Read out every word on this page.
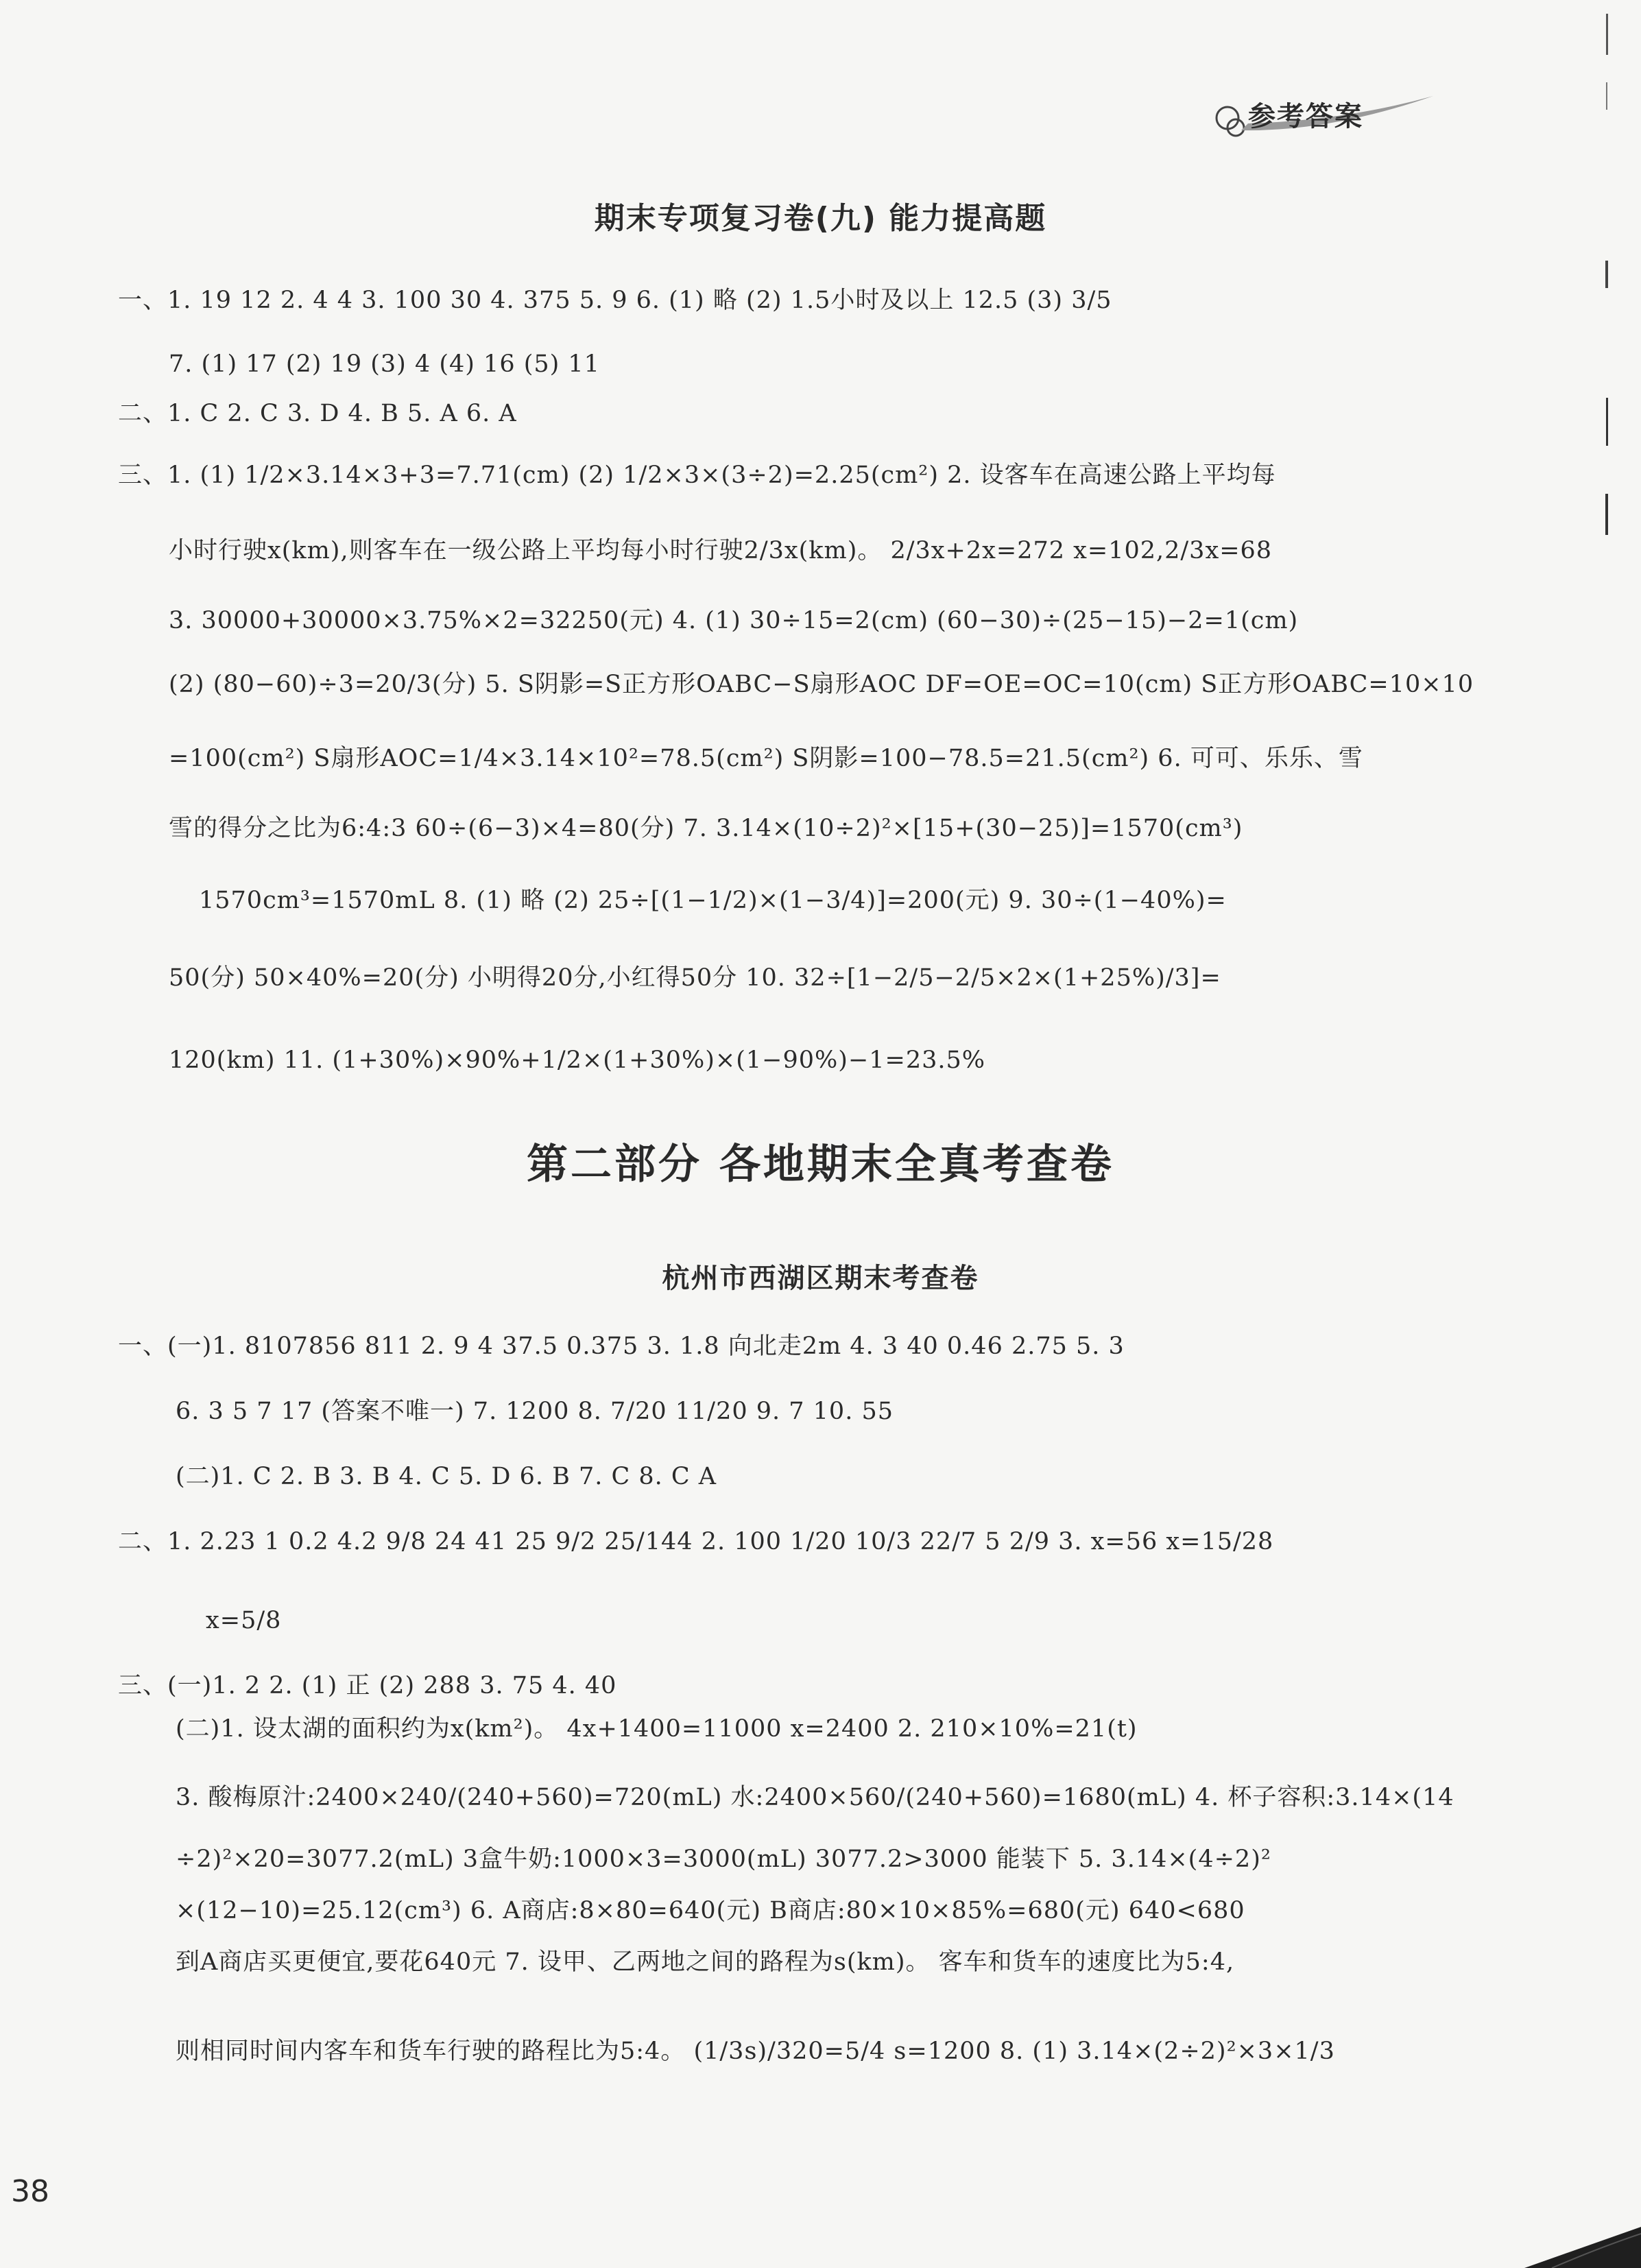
参考答案
期末专项复习卷(九) 能力提高题
一、1. 19 12 2. 4 4 3. 100 30 4. 375 5. 9 6. (1) 略 (2) 1.5小时及以上 12.5 (3) 3/5
7. (1) 17 (2) 19 (3) 4 (4) 16 (5) 11
二、1. C 2. C 3. D 4. B 5. A 6. A
三、1. (1) 1/2×3.14×3+3=7.71(cm) (2) 1/2×3×(3÷2)=2.25(cm²) 2. 设客车在高速公路上平均每
小时行驶x(km),则客车在一级公路上平均每小时行驶2/3x(km)。 2/3x+2x=272 x=102,2/3x=68
3. 30000+30000×3.75%×2=32250(元) 4. (1) 30÷15=2(cm) (60−30)÷(25−15)−2=1(cm)
(2) (80−60)÷3=20/3(分) 5. S阴影=S正方形OABC−S扇形AOC DF=OE=OC=10(cm) S正方形OABC=10×10
=100(cm²) S扇形AOC=1/4×3.14×10²=78.5(cm²) S阴影=100−78.5=21.5(cm²) 6. 可可、乐乐、雪
雪的得分之比为6:4:3 60÷(6−3)×4=80(分) 7. 3.14×(10÷2)²×[15+(30−25)]=1570(cm³)
1570cm³=1570mL 8. (1) 略 (2) 25÷[(1−1/2)×(1−3/4)]=200(元) 9. 30÷(1−40%)=
50(分) 50×40%=20(分) 小明得20分,小红得50分 10. 32÷[1−2/5−2/5×2×(1+25%)/3]=
120(km) 11. (1+30%)×90%+1/2×(1+30%)×(1−90%)−1=23.5%
第二部分 各地期末全真考查卷
杭州市西湖区期末考查卷
一、(一)1. 8107856 811 2. 9 4 37.5 0.375 3. 1.8 向北走2m 4. 3 40 0.46 2.75 5. 3
6. 3 5 7 17 (答案不唯一) 7. 1200 8. 7/20 11/20 9. 7 10. 55
(二)1. C 2. B 3. B 4. C 5. D 6. B 7. C 8. C A
二、1. 2.23 1 0.2 4.2 9/8 24 41 25 9/2 25/144 2. 100 1/20 10/3 22/7 5 2/9 3. x=56 x=15/28
x=5/8
三、(一)1. 2 2. (1) 正 (2) 288 3. 75 4. 40
(二)1. 设太湖的面积约为x(km²)。 4x+1400=11000 x=2400 2. 210×10%=21(t)
3. 酸梅原汁:2400×240/(240+560)=720(mL) 水:2400×560/(240+560)=1680(mL) 4. 杯子容积:3.14×(14
÷2)²×20=3077.2(mL) 3盒牛奶:1000×3=3000(mL) 3077.2>3000 能装下 5. 3.14×(4÷2)²
×(12−10)=25.12(cm³) 6. A商店:8×80=640(元) B商店:80×10×85%=680(元) 640<680
到A商店买更便宜,要花640元 7. 设甲、乙两地之间的路程为s(km)。 客车和货车的速度比为5:4,
则相同时间内客车和货车行驶的路程比为5:4。 (1/3s)/320=5/4 s=1200 8. (1) 3.14×(2÷2)²×3×1/3
38
